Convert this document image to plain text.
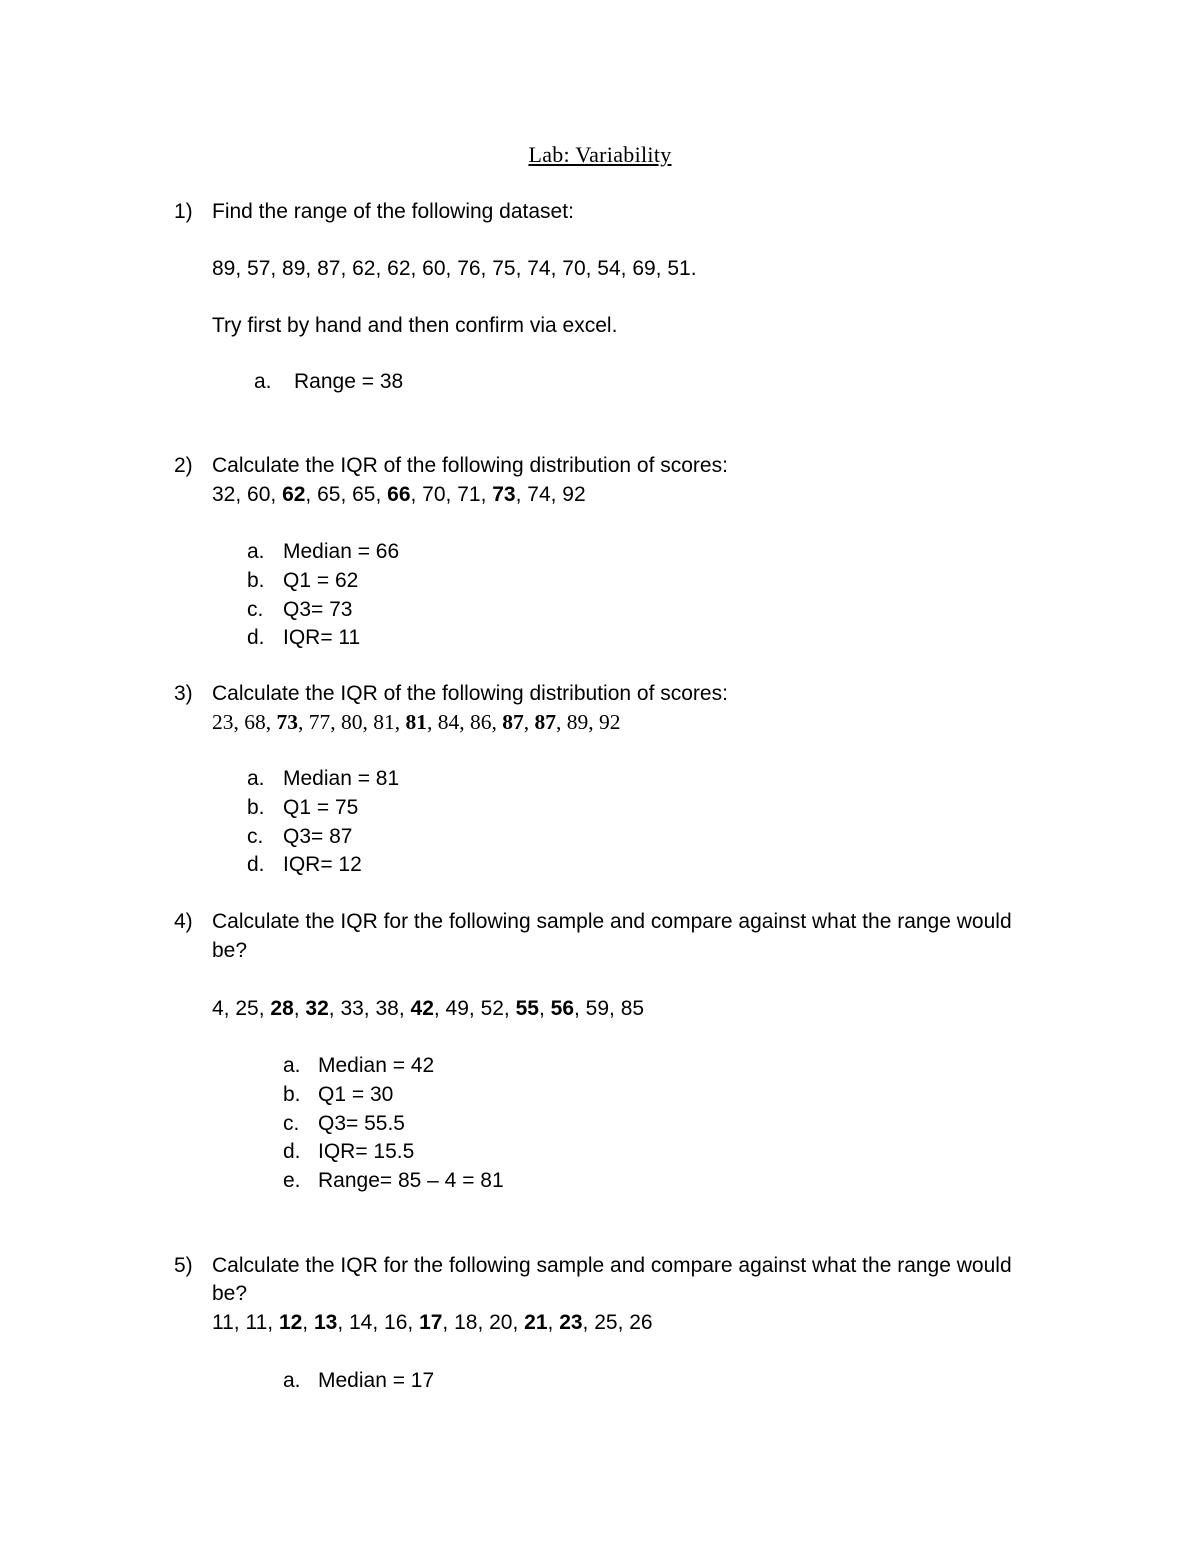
Lab: Variability
1) Find the range of the following dataset:
89, 57, 89, 87, 62, 62, 60, 76, 75, 74, 70, 54, 69, 51.
Try first by hand and then confirm via excel.
a.	Range = 38
2) Calculate the IQR of the following distribution of scores:
32, 60, 62, 65, 65, 66, 70, 71, 73, 74, 92
a. Median = 66
b. Q1 = 62
c. Q3= 73
d. IQR= 11
3) Calculate the IQR of the following distribution of scores:
23, 68, 73, 77, 80, 81, 81, 84, 86, 87, 87, 89, 92
a. Median = 81
b. Q1 = 75
c. Q3= 87
d. IQR= 12
4) Calculate the IQR for the following sample and compare against what the range would
be?
4, 25, 28, 32, 33, 38, 42, 49, 52, 55, 56, 59, 85
a. Median = 42
b. Q1 = 30
c. Q3= 55.5
d. IQR= 15.5
e. Range= 85 – 4 = 81
5) Calculate the IQR for the following sample and compare against what the range would
be?
11, 11, 12, 13, 14, 16, 17, 18, 20, 21, 23, 25, 26
a. Median = 17
